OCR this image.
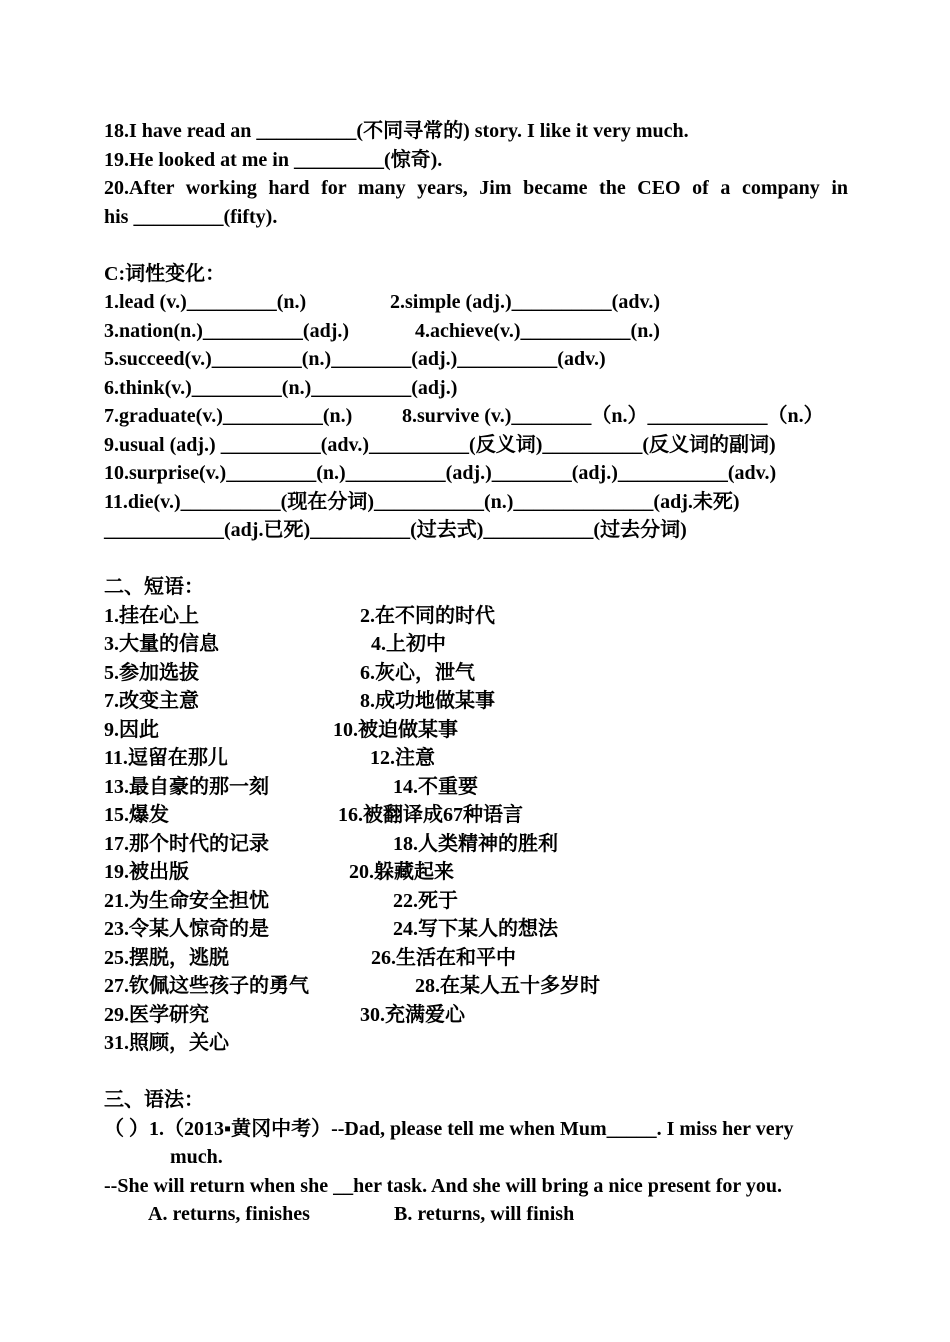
18.I have read an __________(不同寻常的) story. I like it very much.
19.He looked at me in _________(惊奇).
20.After working hard for many years, Jim became the CEO of a company in
his _________(fifty).
C:词性变化：
1.lead (v.)_________(n.)	2.simple (adj.)__________(adv.)
3.nation(n.)__________(adj.)	4.achieve(v.)___________(n.)
5.succeed(v.)_________(n.)________(adj.)__________(adv.)
6.think(v.)_________(n.)__________(adj.)
7.graduate(v.)__________(n.) 8.survive (v.)________（n.）____________（n.）
9.usual (adj.) __________(adv.)__________(反义词)__________(反义词的副词)
10.surprise(v.)_________(n.)__________(adj.)________(adj.)___________(adv.)
11.die(v.)__________(现在分词)___________(n.)______________(adj.未死)
____________(adj.已死)__________(过去式)___________(过去分词)
二、短语：
1.挂在心上	2.在不同的时代
3.大量的信息	4.上初中
5.参加选拔	6.灰心，泄气
7.改变主意	8.成功地做某事
9.因此	10.被迫做某事
11.逗留在那儿	12.注意
13.最自豪的那一刻	14.不重要
15.爆发	16.被翻译成67种语言
17.那个时代的记录	18.人类精神的胜利
19.被出版	20.躲藏起来
21.为生命安全担忧	22.死于
23.令某人惊奇的是	24.写下某人的想法
25.摆脱，逃脱	26.生活在和平中
27.钦佩这些孩子的勇气	28.在某人五十多岁时
29.医学研究	30.充满爱心
31.照顾，关心
三、语法：
（ ）1.（2013▪黄冈中考）--Dad, please tell me when Mum_____. I miss her very
much.
--She will return when she __her task. And she will bring a nice present for you.
A. returns, finishes	B. returns, will finish
